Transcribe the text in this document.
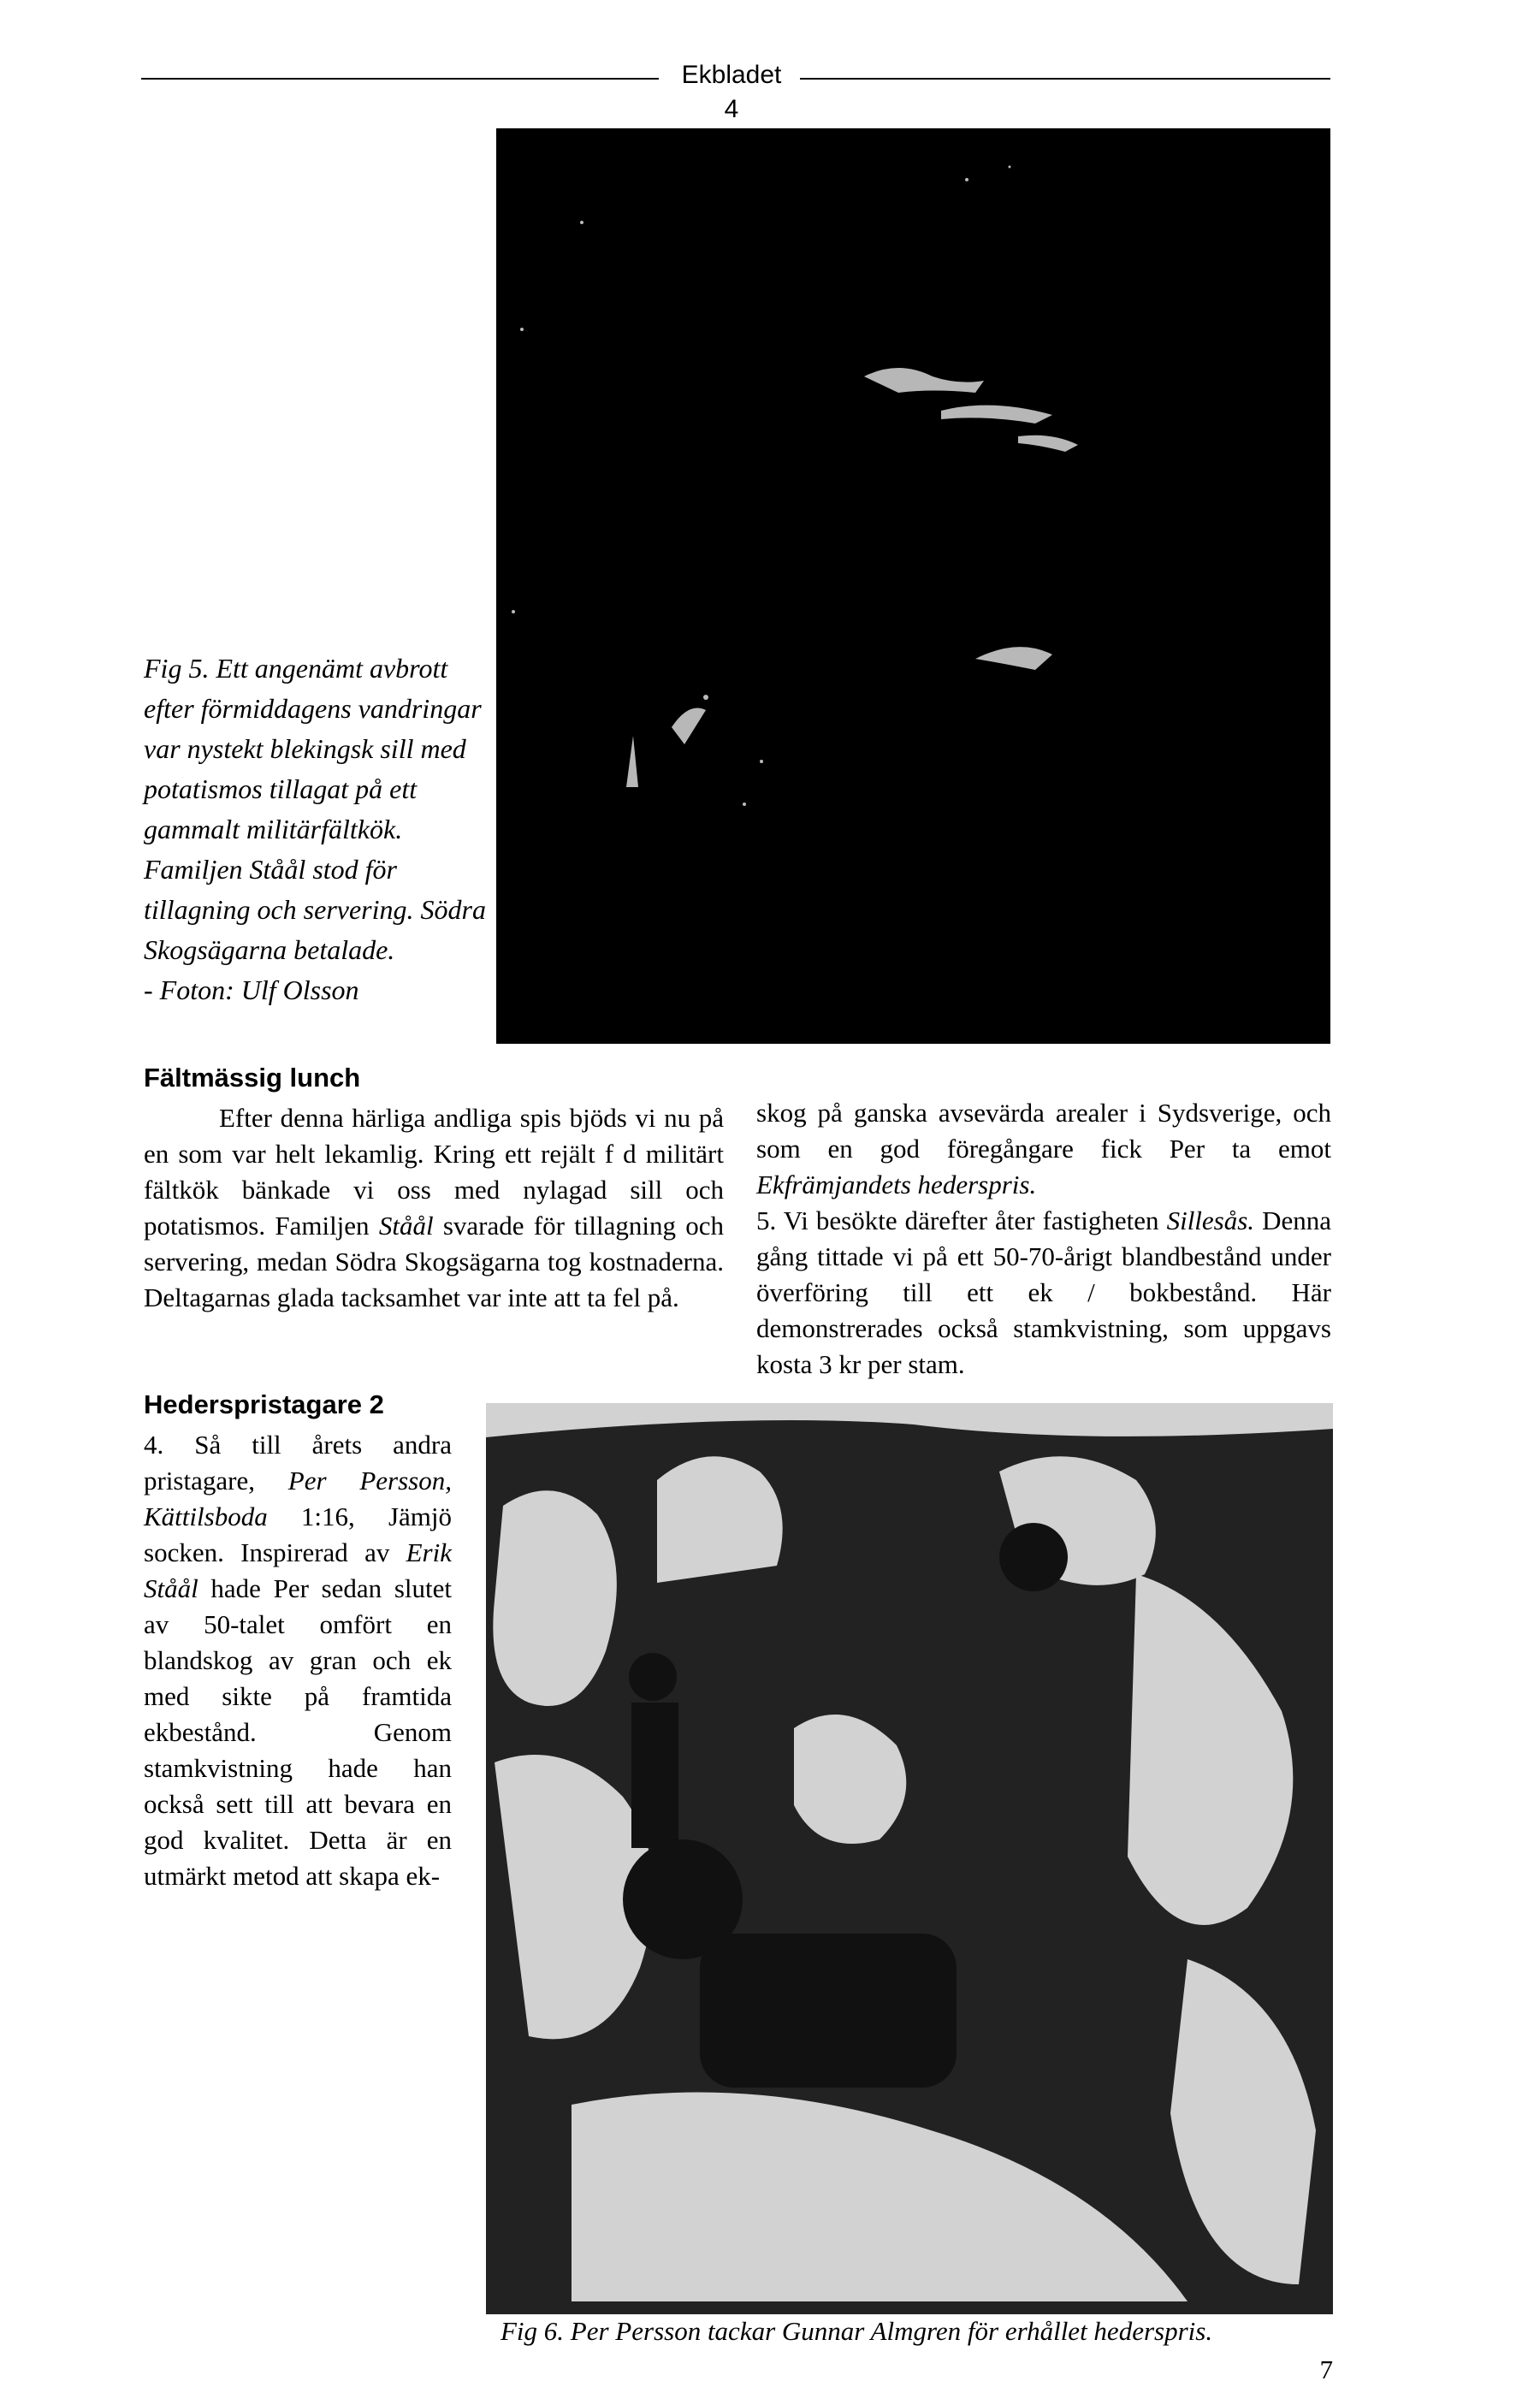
Ekbladet 4
Fig 5. Ett angenämt avbrott efter förmiddagens vandringar var nystekt blekingsk sill med potatismos tillagat på ett gammalt militärfältkök. Familjen Ståål stod för tillagning och servering. Södra Skogsägarna betalade.
- Foton: Ulf Olsson
Fältmässig lunch

Efter denna härliga andliga spis bjöds vi nu på en som var helt lekamlig. Kring ett rejält f d militärt fältkök bänkade vi oss med nylagad sill och potatismos. Familjen Ståål svarade för tillagning och servering, medan Södra Skogsägarna tog kostnaderna. Deltagarnas glada tacksamhet var inte att ta fel på.

Hederspristagare 2

4. Så till årets andra pristagare, Per Persson, Kättilsboda 1:16, Jämjö socken. Inspirerad av Erik Ståål hade Per sedan slutet av 50-talet omfört en blandskog av gran och ek med sikte på framtida ekbestånd. Genom stamkvistning hade han också sett till att bevara en god kvalitet. Detta är en utmärkt metod att skapa ek-

skog på ganska avsevärda arealer i Sydsverige, och som en god föregångare fick Per ta emot Ekfrämjandets hederspris.

5. Vi besökte därefter åter fastigheten Sillesås. Denna gång tittade vi på ett 50-70-årigt blandbestånd under överföring till ett ek / bokbestånd. Här demonstrerades också stamkvistning, som uppgavs kosta 3 kr per stam.

Fig 6. Per Persson tackar Gunnar Almgren för erhållet hederspris.
7
